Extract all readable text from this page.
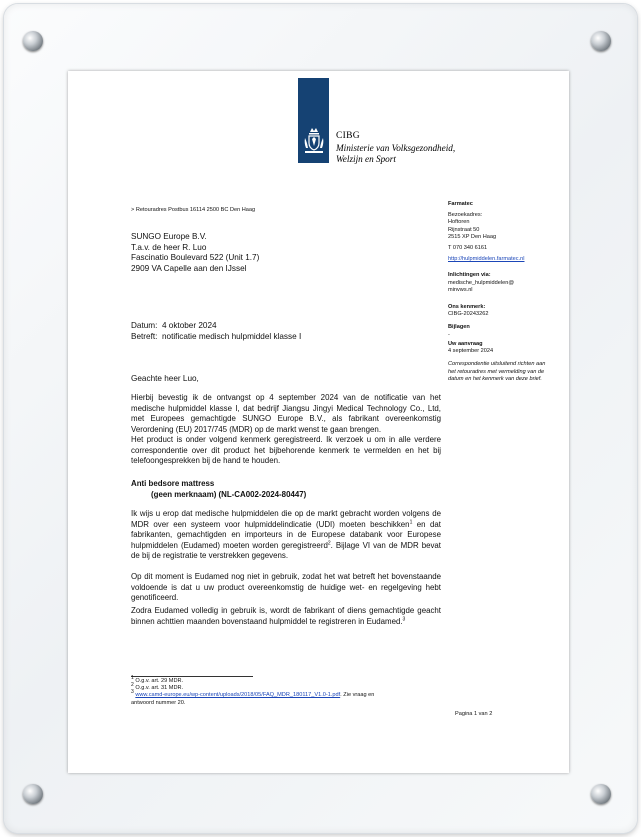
CIBG
Ministerie van Volksgezondheid,
Welzijn en Sport
> Retouradres Postbus 16114 2500 BC Den Haag
SUNGO Europe B.V.
T.a.v. de heer R. Luo
Fascinatio Boulevard 522 (Unit 1.7)
2909 VA Capelle aan den IJssel
Datum: 4 oktober 2024
Betreft: notificatie medisch hulpmiddel klasse I
Geachte heer Luo,
Hierbij bevestig ik de ontvangst op 4 september 2024 van de notificatie van het medische hulpmiddel klasse I, dat bedrijf Jiangsu Jingyi Medical Technology Co., Ltd, met Europees gemachtigde SUNGO Europe B.V., als fabrikant overeenkomstig Verordening (EU) 2017/745 (MDR) op de markt wenst te gaan brengen.
Het product is onder volgend kenmerk geregistreerd. Ik verzoek u om in alle verdere correspondentie over dit product het bijbehorende kenmerk te vermelden en het bij telefoongesprekken bij de hand te houden.
Anti bedsore mattress
(geen merknaam) (NL-CA002-2024-80447)
Ik wijs u erop dat medische hulpmiddelen die op de markt gebracht worden volgens de MDR over een systeem voor hulpmiddelindicatie (UDI) moeten beschikken$^1$ en dat fabrikanten, gemachtigden en importeurs in de Europese databank voor Europese hulpmiddelen (Eudamed) moeten worden geregistreerd$^2$. Bijlage VI van de MDR bevat de bij de registratie te verstrekken gegevens.
Op dit moment is Eudamed nog niet in gebruik, zodat het wat betreft het bovenstaande voldoende is dat u uw product overeenkomstig de huidige wet- en regelgeving hebt genotificeerd.
Zodra Eudamed volledig in gebruik is, wordt de fabrikant of diens gemachtigde geacht binnen achttien maanden bovenstaand hulpmiddel te registreren in Eudamed.$^3$
$^1$ O.g.v. art. 29 MDR.
$^2$ O.g.v. art. 31 MDR.
$^3$ www.camd-europe.eu/wp-content/uploads/2018/05/FAQ_MDR_180117_V1.0-1.pdf. Zie vraag en
antwoord nummer 20.
Farmatec
Bezoekadres:
Hoftoren
Rijnstraat 50
2515 XP Den Haag
T 070 340 6161
http://hulpmiddelen.farmatec.nl
Inlichtingen via:
medische_hulpmiddelen@
minvws.nl
Ons kenmerk:
CIBG-20243262
Bijlagen
-
Uw aanvraag
4 september 2024
Correspondentie uitsluitend richten aan het retouradres met vermelding van de datum en het kenmerk van deze brief.
Pagina 1 van 2
